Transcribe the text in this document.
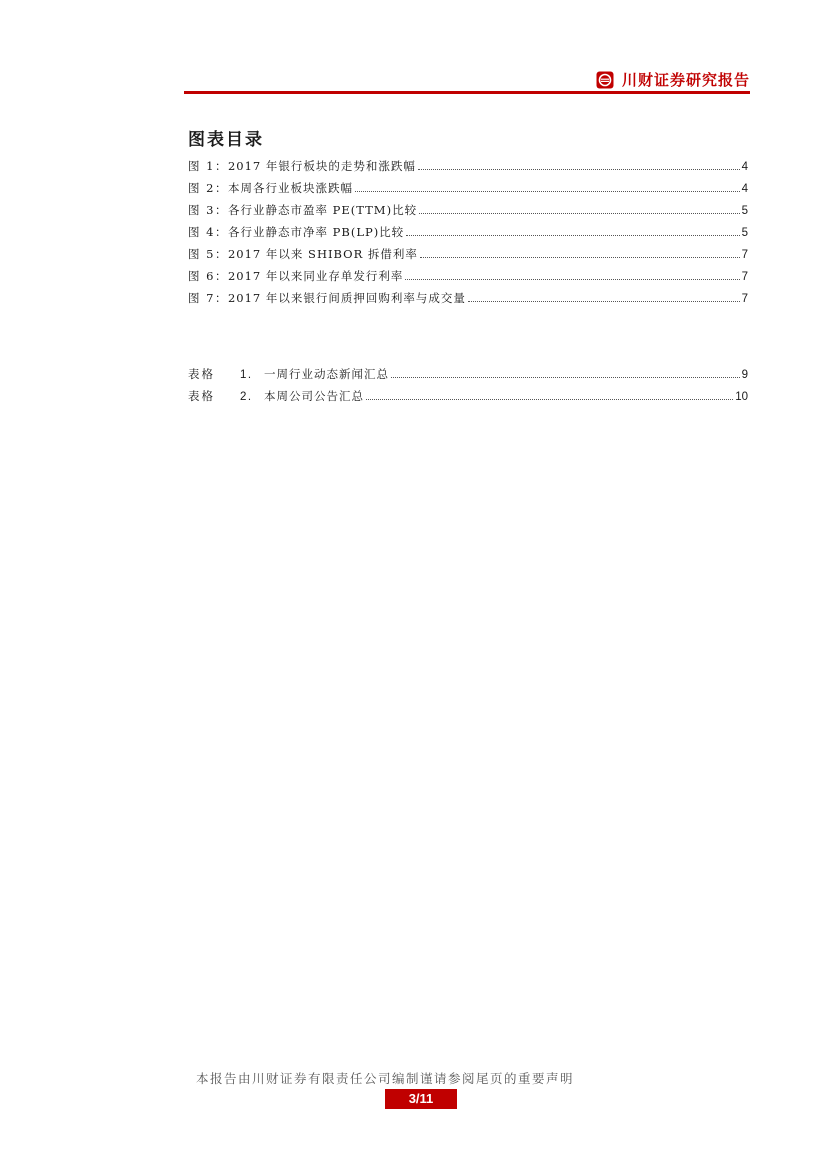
川财证券研究报告
图表目录
图 1： 2017 年银行板块的走势和涨跌幅	4
图 2： 本周各行业板块涨跌幅	4
图 3： 各行业静态市盈率 PE(TTM)比较	5
图 4： 各行业静态市净率 PB(LP)比较	5
图 5： 2017 年以来 SHIBOR 拆借利率	7
图 6： 2017 年以来同业存单发行利率	7
图 7： 2017 年以来银行间质押回购利率与成交量	7
表格	1. 一周行业动态新闻汇总	9
表格	2. 本周公司公告汇总	10
本报告由川财证券有限责任公司编制谨请参阅尾页的重要声明
3/11
